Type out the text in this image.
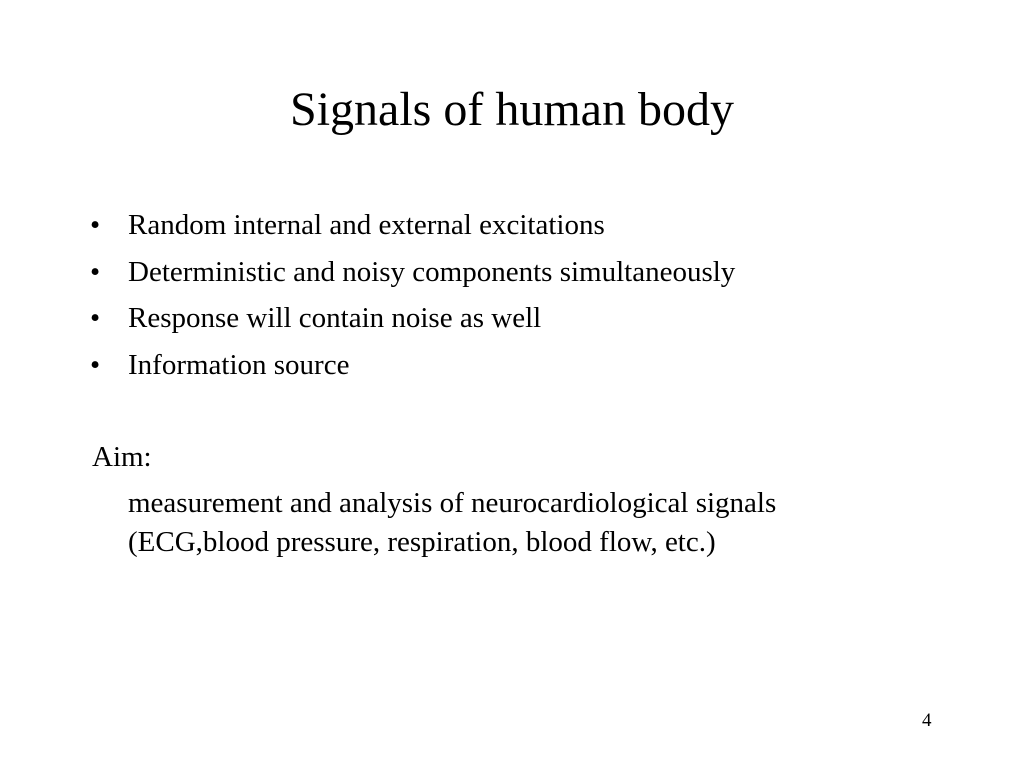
Signals of human body
• Random internal and external excitations
• Deterministic and noisy components simultaneously
• Response will contain noise as well
• Information source

Aim:

measurement and analysis of neurocardiological signals
(ECG,blood pressure, respiration, blood flow, etc.)

4
